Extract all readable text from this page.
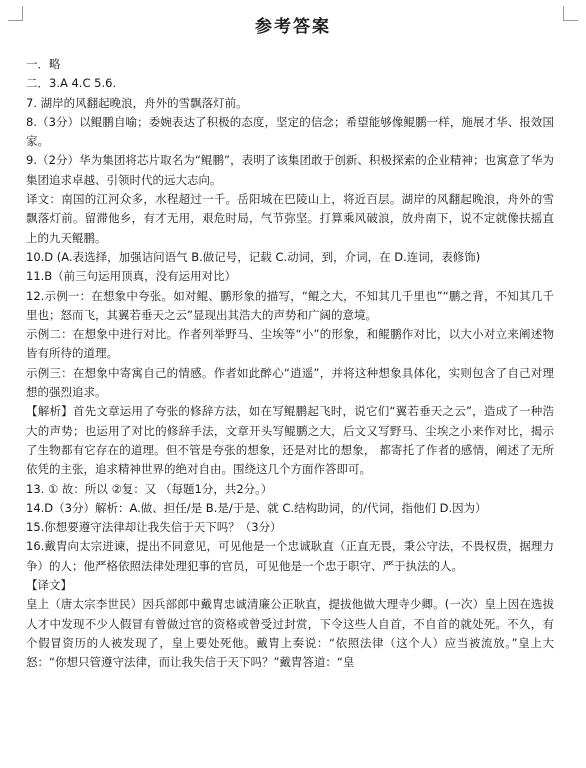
参考答案

一．略

二．3.A 4.C 5.6.

7. 湖岸的风翻起晚浪，舟外的雪飘落灯前。

8.（3分）以鲲鹏自喻；委婉表达了积极的态度，坚定的信念；希望能够像鲲鹏一样，施展才华、报效国家。

9.（2分）华为集团将芯片取名为“鲲鹏”，表明了该集团敢于创新、积极探索的企业精神；也寓意了华为集团追求卓越、引领时代的远大志向。

译文：南国的江河众多，水程超过一千。岳阳城在巴陵山上，将近百层。湖岸的风翻起晚浪，舟外的雪飘落灯前。留滞他乡，有才无用，艰危时局，气节弥坚。打算乘风破浪，放舟南下，说不定就像扶摇直上的九天鲲鹏。

10.D (A.表选择，加强诘问语气 B.做记号，记载 C.动词，到，介词，在 D.连词，表修饰)

11.B（前三句运用顶真，没有运用对比）

12.示例一：在想象中夸张。如对鲲、鹏形象的描写，“鲲之大，不知其几千里也”“鹏之背，不知其几千里也；怒而飞，其翼若垂天之云”显现出其浩大的声势和广阔的意境。

示例二：在想象中进行对比。作者列举野马、尘埃等“小”的形象，和鲲鹏作对比，以大小对立来阐述物皆有所待的道理。

示例三：在想象中寄寓自己的情感。作者如此醉心“逍遥”，并将这种想象具体化，实则包含了自己对理想的强烈追求。

【解析】首先文章运用了夸张的修辞方法，如在写鲲鹏起飞时，说它们“翼若垂天之云”，造成了一种浩大的声势；也运用了对比的修辞手法，文章开头写鲲鹏之大，后文又写野马、尘埃之小来作对比，揭示了生物都有它存在的道理。但不管是夸张的想象，还是对比的想象， 都寄托了作者的感情，阐述了无所依凭的主张，追求精神世界的绝对自由。围绕这几个方面作答即可。

13. ① 故：所以 ②复：又 （每题1分，共2分。）

14.D（3分）解析：A.做、担任/是 B.是/于是、就 C.结构助词，的/代词，指他们 D.因为）

15.你想要遵守法律却让我失信于天下吗？（3分）

16.戴胄向太宗进谏，提出不同意见，可见他是一个忠诚耿直（正直无畏，秉公守法，不畏权贵，据理力争）的人；他严格依照法律处理犯事的官员，可见他是一个忠于职守、严于执法的人。

【译文】

皇上（唐太宗李世民）因兵部郎中戴胄忠诚清廉公正耿直，提拔他做大理寺少卿。(一次）皇上因在选拔人才中发现不少人假冒有曾做过官的资格或曾受过封赏，下令这些人自首，不自首的就处死。不久，有个假冒资历的人被发现了，皇上要处死他。戴胄上奏说：“依照法律（这个人）应当被流放。”皇上大怒：“你想只管遵守法律，而让我失信于天下吗？”戴胄答道：“皇
